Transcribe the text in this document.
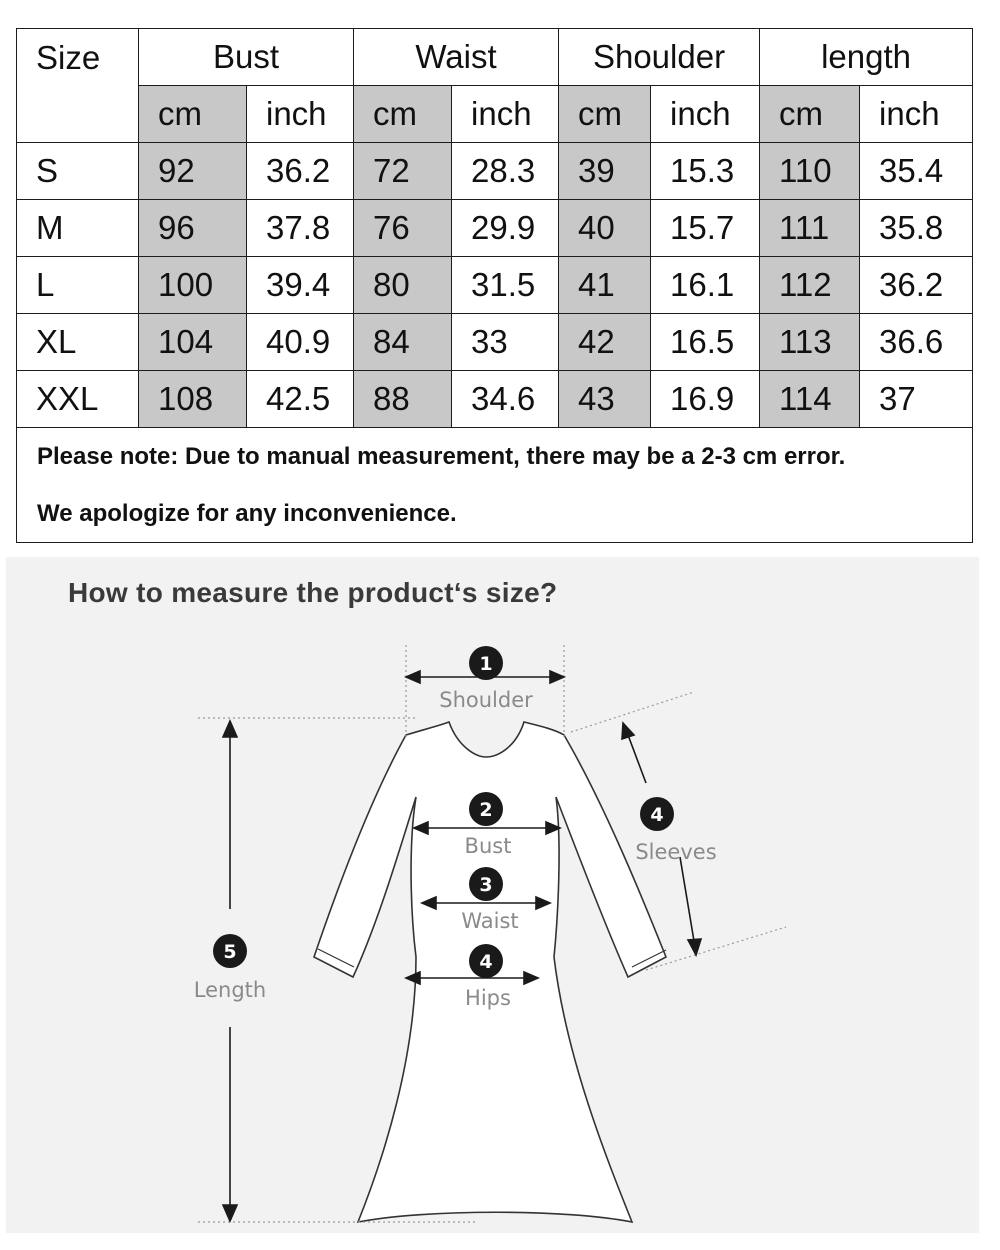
Size	Bust		Waist		Shoulder		length	
	cm	inch	cm	inch	cm	inch	cm	inch
S	92	36.2	72	28.3	39	15.3	110	35.4
M	96	37.8	76	29.9	40	15.7	111	35.8
L	100	39.4	80	31.5	41	16.1	112	36.2
XL	104	40.9	84	33	42	16.5	113	36.6
XXL	108	42.5	88	34.6	43	16.9	114	37

Please note: Due to manual measurement, there may be a 2-3 cm error.
We apologize for any inconvenience.								
How to measure the product‘s size?
1
Shoulder
2
Bust
3
Waist
4
Hips
4
Sleeves
5
Length
